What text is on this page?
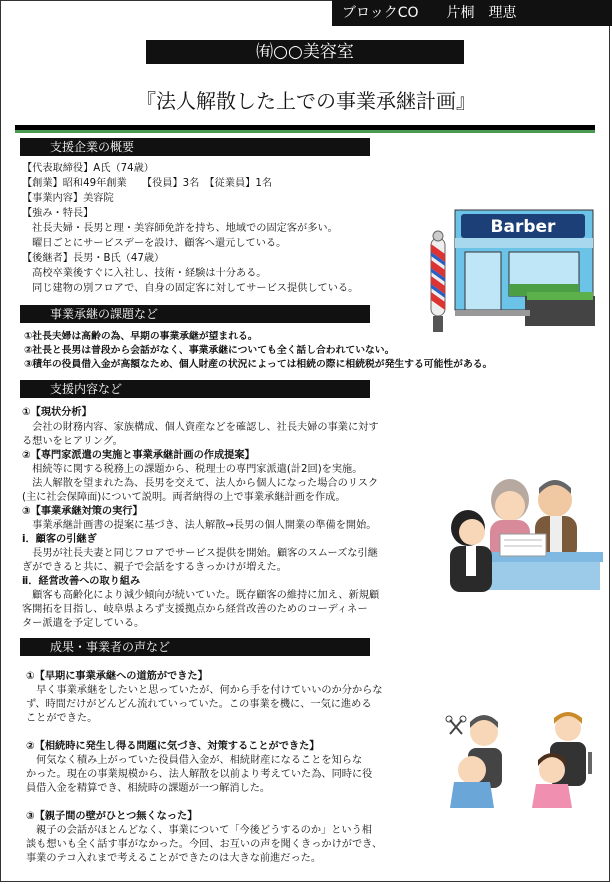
ブロックCO　　片桐　理恵
㈲○○美容室
『法人解散した上での事業承継計画』
支援企業の概要
【代表取締役】A氏（74歳）
【創業】昭和49年創業　　【役員】3名　【従業員】1名
【事業内容】美容院
【強み・特長】
　社長夫婦・長男と理・美容師免許を持ち、地域での固定客が多い。
　曜日ごとにサービスデーを設け、顧客へ還元している。
【後継者】長男・B氏（47歳）
　高校卒業後すぐに入社し、技術・経験は十分ある。
　同じ建物の別フロアで、自身の固定客に対してサービス提供している。
Barber
事業承継の課題など
①社長夫婦は高齢の為、早期の事業承継が望まれる。
②社長と長男は普段から会話がなく、事業承継についても全く話し合われていない。
③積年の役員借入金が高額なため、個人財産の状況によっては相続の際に相続税が発生する可能性がある。
支援内容など
①【現状分析】
　会社の財務内容、家族構成、個人資産などを確認し、社長夫婦の事業に対す
る想いをヒアリング。
②【専門家派遣の実施と事業承継計画の作成提案】
　相続等に関する税務上の課題から、税理士の専門家派遣(計2回)を実施。
　法人解散を望まれた為、長男を交えて、法人から個人になった場合のリスク
(主に社会保障面)について説明。両者納得の上で事業承継計画を作成。
③【事業承継対策の実行】
　事業承継計画書の提案に基づき、法人解散→長男の個人開業の準備を開始。
ⅰ．顧客の引継ぎ
　長男が社長夫妻と同じフロアでサービス提供を開始。顧客のスムーズな引継
ぎができると共に、親子で会話をするきっかけが増えた。
ⅱ．経営改善への取り組み
　顧客も高齢化により減少傾向が続いていた。既存顧客の維持に加え、新規顧
客開拓を目指し、岐阜県よろず支援拠点から経営改善のためのコーディネー
ター派遣を予定している。
成果・事業者の声など
①【早期に事業承継への道筋ができた】
　早く事業承継をしたいと思っていたが、何から手を付けていいのか分からな
ず、時間だけがどんどん流れていっていた。この事業を機に、一気に進める
ことができた。
②【相続時に発生し得る問題に気づき、対策することができた】
　何気なく積み上がっていた役員借入金が、相続財産になることを知らな
かった。現在の事業規模から、法人解散を以前より考えていた為、同時に役
員借入金を精算でき、相続時の課題が一つ解消した。
③【親子間の壁がひとつ無くなった】
　親子の会話がほとんどなく、事業について「今後どうするのか」という相
談も想いも全く話す事がなかった。今回、お互いの声を聞くきっかけができ、
事業のテコ入れまで考えることができたのは大きな前進だった。
